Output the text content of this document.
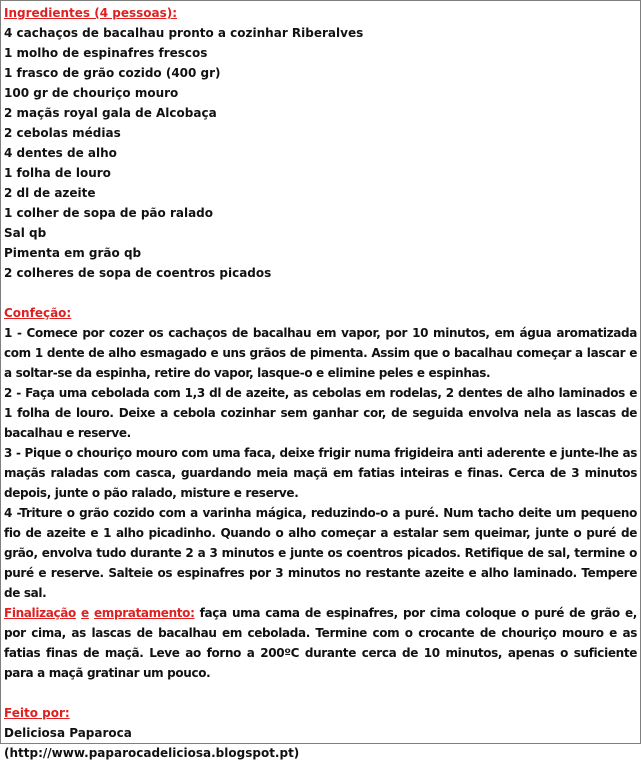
Ingredientes (4 pessoas):
4 cachaços de bacalhau pronto a cozinhar Riberalves
1 molho de espinafres frescos
1 frasco de grão cozido (400 gr)
100 gr de chouriço mouro
2 maçãs royal gala de Alcobaça
2 cebolas médias
4 dentes de alho
1 folha de louro
2 dl de azeite
1 colher de sopa de pão ralado
Sal qb
Pimenta em grão qb
2 colheres de sopa de coentros picados
Confeção:
1 - Comece por cozer os cachaços de bacalhau em vapor, por 10 minutos, em água aromatizada com 1 dente de alho esmagado e uns grãos de pimenta. Assim que o bacalhau começar a lascar e a soltar-se da espinha, retire do vapor, lasque-o e elimine peles e espinhas.
2 - Faça uma cebolada com 1,3 dl de azeite, as cebolas em rodelas, 2 dentes de alho laminados e 1 folha de louro. Deixe a cebola cozinhar sem ganhar cor, de seguida envolva nela as lascas de bacalhau e reserve.
3 - Pique o chouriço mouro com uma faca, deixe frigir numa frigideira anti aderente e junte-lhe as maçãs raladas com casca, guardando meia maçã em fatias inteiras e finas. Cerca de 3 minutos depois, junte o pão ralado, misture e reserve.
4 -Triture o grão cozido com a varinha mágica, reduzindo-o a puré. Num tacho deite um pequeno fio de azeite e 1 alho picadinho. Quando o alho começar a estalar sem queimar, junte o puré de grão, envolva tudo durante 2 a 3 minutos e junte os coentros picados. Retifique de sal, termine o puré e reserve. Salteie os espinafres por 3 minutos no restante azeite e alho laminado. Tempere de sal.
Finalização e empratamento: faça uma cama de espinafres, por cima coloque o puré de grão e, por cima, as lascas de bacalhau em cebolada. Termine com o crocante de chouriço mouro e as fatias finas de maçã. Leve ao forno a 200ºC durante cerca de 10 minutos, apenas o suficiente para a maçã gratinar um pouco.
Feito por:
Deliciosa Paparoca
(http://www.paparocadeliciosa.blogspot.pt)
